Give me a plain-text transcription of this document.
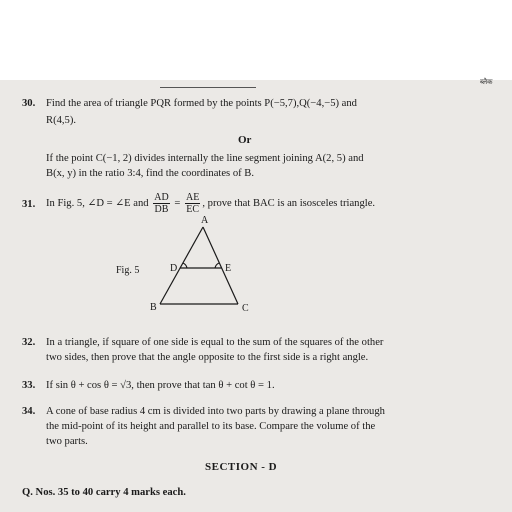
ब्लैक
30. Find the area of triangle PQR formed by the points P(−5,7),Q(−4,−5) and
R(4,5).
Or
If the point C(−1, 2) divides internally the line segment joining A(2, 5) and
B(x, y) in the ratio 3:4, find the coordinates of B.
31. In Fig. 5, ∠D = ∠E and $\frac{AD}{DB} = \frac{AE}{EC}$ , prove that BAC is an isosceles triangle.
Fig. 5
A
B	C
D	E
32. In a triangle, if square of one side is equal to the sum of the squares of the other
two sides, then prove that the angle opposite to the first side is a right angle.
33. If sin θ + cos θ = √3, then prove that tan θ + cot θ = 1.
34. A cone of base radius 4 cm is divided into two parts by drawing a plane through
the mid-point of its height and parallel to its base. Compare the volume of the
two parts.
SECTION - D
Q. Nos. 35 to 40 carry 4 marks each.
